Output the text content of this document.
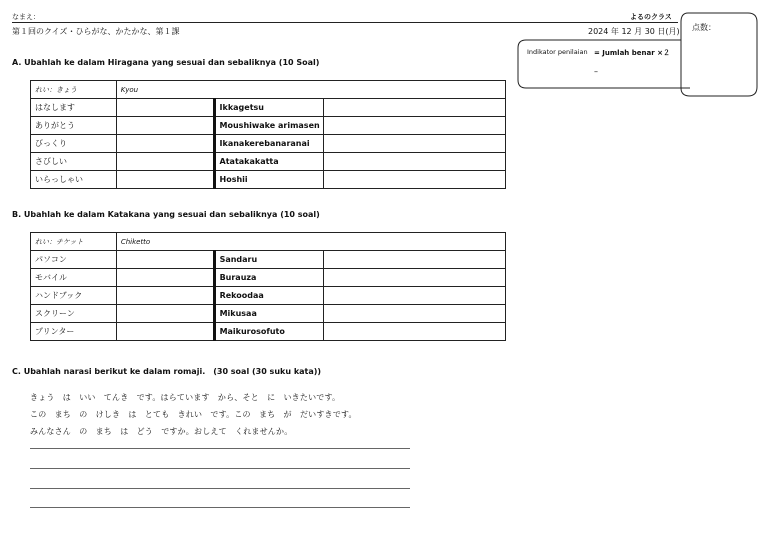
なまえ：	よるのクラス
第１回のクイズ・ひらがな、かたかな、第１課	2024 年 12 月 30 日(月) 点数：
Indikator penilaian = Jumlah benar ×２
–
A. Ubahlah ke dalam Hiragana yang sesuai dan sebaliknya (10 Soal)
れい：きょう	Kyou		
はなします		Ikkagetsu	
ありがとう		Moushiwake arimasen	
びっくり		Ikanakerebanaranai	
さびしい		Atatakakatta	
いらっしゃい		Hoshii	
B. Ubahlah ke dalam Katakana yang sesuai dan sebaliknya (10 soal)
れい：チケット	Chiketto		
パソコン		Sandaru	
モバイル		Burauza	
ハンドブック		Rekoodaa	
スクリーン		Mikusaa	
プリンター		Maikurosofuto	
C. Ubahlah narasi berikut ke dalam romaji.　(30 soal (30 suku kata))
きょう　は　いい　てんき　です。はらています　から、そと　に　いきたいです。
この　まち　の　けしき　は　とても　きれい　です。この　まち　が　だいすきです。
みんなさん　の　まち　は　どう　ですか。おしえて　くれませんか。
